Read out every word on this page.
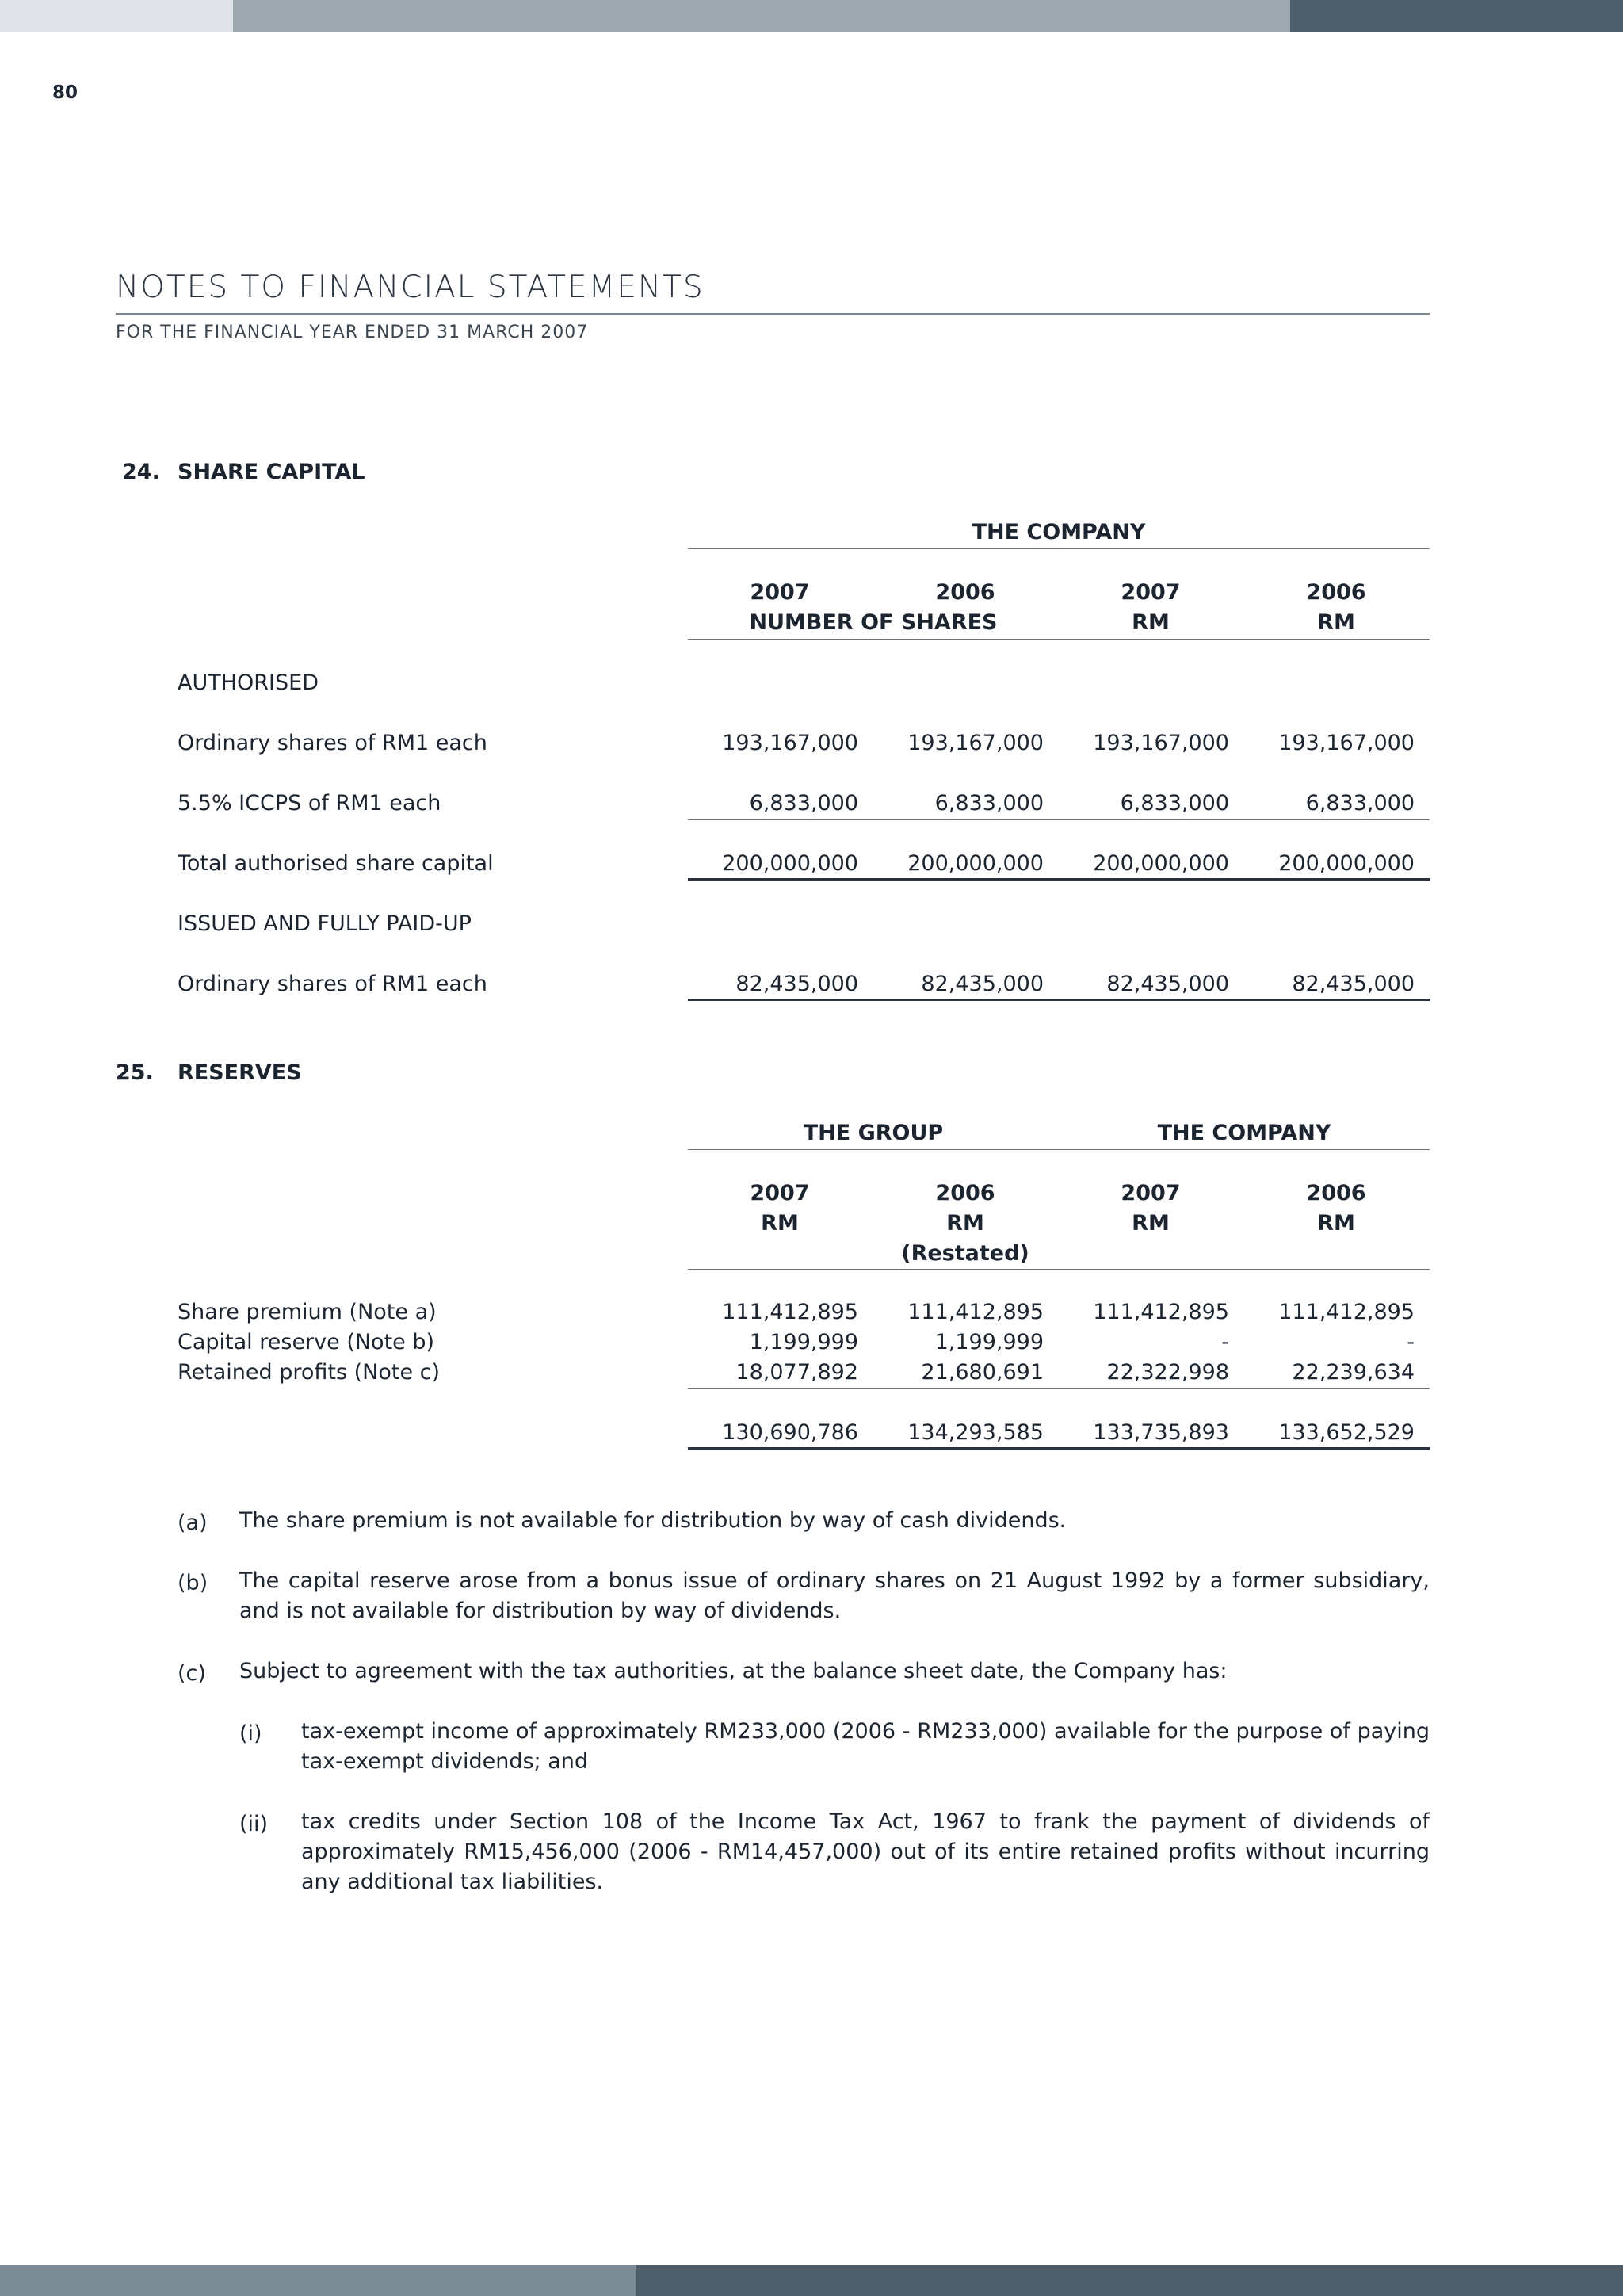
80
NOTES TO FINANCIAL STATEMENTS
FOR THE FINANCIAL YEAR ENDED 31 MARCH 2007
24. SHARE CAPITAL
THE COMPANY
2007	2006	2007	2006
NUMBER OF SHARES	RM	RM
AUTHORISED
Ordinary shares of RM1 each	193,167,000	193,167,000	193,167,000	193,167,000
5.5% ICCPS of RM1 each	6,833,000	6,833,000	6,833,000	6,833,000
Total authorised share capital	200,000,000	200,000,000	200,000,000	200,000,000
ISSUED AND FULLY PAID-UP
Ordinary shares of RM1 each	82,435,000	82,435,000	82,435,000	82,435,000
25. RESERVES
THE GROUP	THE COMPANY
2007	2006	2007	2006
RM	RM	RM	RM
(Restated)
Share premium (Note a)	111,412,895	111,412,895	111,412,895	111,412,895
Capital reserve (Note b)	1,199,999	1,199,999	-	-
Retained profits (Note c)	18,077,892	21,680,691	22,322,998	22,239,634
130,690,786	134,293,585	133,735,893	133,652,529
(a) The share premium is not available for distribution by way of cash dividends.
(b) The capital reserve arose from a bonus issue of ordinary shares on 21 August 1992 by a former subsidiary, and is not available for distribution by way of dividends.
(c) Subject to agreement with the tax authorities, at the balance sheet date, the Company has:
(i) tax-exempt income of approximately RM233,000 (2006 - RM233,000) available for the purpose of paying tax-exempt dividends; and
(ii) tax credits under Section 108 of the Income Tax Act, 1967 to frank the payment of dividends of approximately RM15,456,000 (2006 - RM14,457,000) out of its entire retained profits without incurring any additional tax liabilities.
